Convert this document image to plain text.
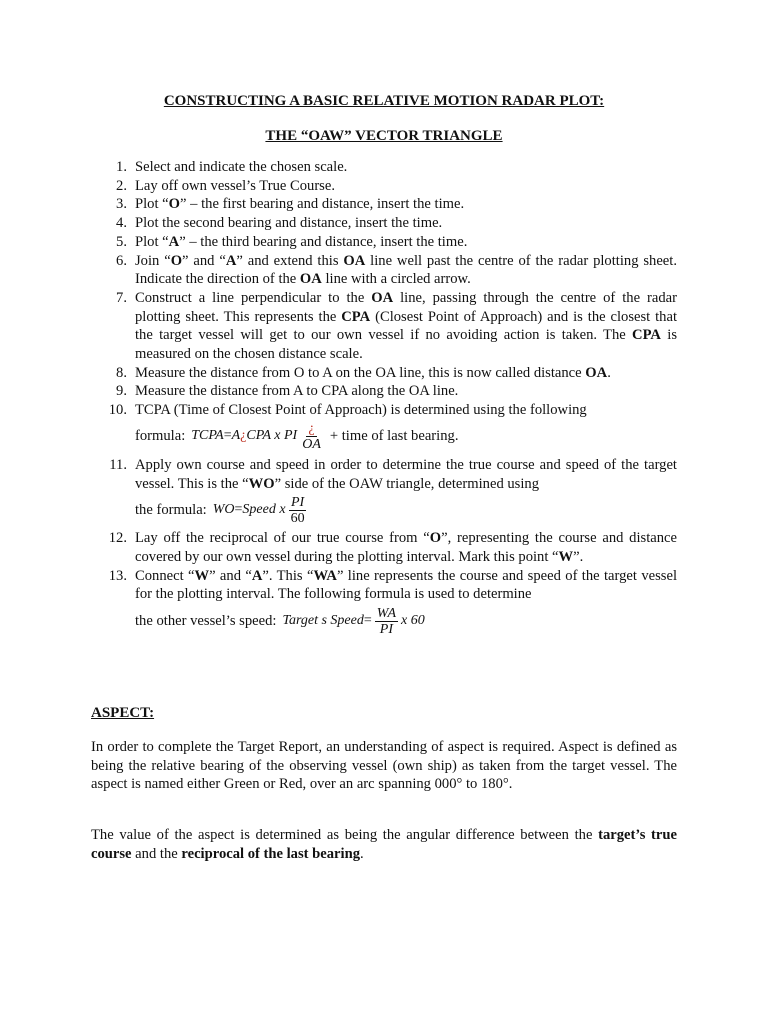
CONSTRUCTING A BASIC RELATIVE MOTION RADAR PLOT:
THE “OAW” VECTOR TRIANGLE
1. Select and indicate the chosen scale.
2. Lay off own vessel’s True Course.
3. Plot “O” – the first bearing and distance, insert the time.
4. Plot the second bearing and distance, insert the time.
5. Plot “A” – the third bearing and distance, insert the time.
6. Join “O” and “A” and extend this OA line well past the centre of the radar plotting sheet. Indicate the direction of the OA line with a circled arrow.
7. Construct a line perpendicular to the OA line, passing through the centre of the radar plotting sheet. This represents the CPA (Closest Point of Approach) and is the closest that the target vessel will get to our own vessel if no avoiding action is taken. The CPA is measured on the chosen distance scale.
8. Measure the distance from O to A on the OA line, this is now called distance OA.
9. Measure the distance from A to CPA along the OA line.
10. TCPA (Time of Closest Point of Approach) is determined using the following
formula: TCPA = A ¿ CPA x PI $\frac{¿}{OA}$ + time of last bearing.
11. Apply own course and speed in order to determine the true course and speed of the target vessel. This is the “WO” side of the OAW triangle, determined using
the formula: WO = Speed x $\frac{PI}{60}$
12. Lay off the reciprocal of our true course from “O”, representing the course and distance covered by our own vessel during the plotting interval. Mark this point “W”.
13. Connect “W” and “A”. This “WA” line represents the course and speed of the target vessel for the plotting interval. The following formula is used to determine
the other vessel’s speed: Target s Speed = $\frac{WA}{PI}$ x 60
ASPECT:

In order to complete the Target Report, an understanding of aspect is required. Aspect is defined as being the relative bearing of the observing vessel (own ship) as taken from the target vessel. The aspect is named either Green or Red, over an arc spanning 000° to 180°.

The value of the aspect is determined as being the angular difference between the target’s true course and the reciprocal of the last bearing.
